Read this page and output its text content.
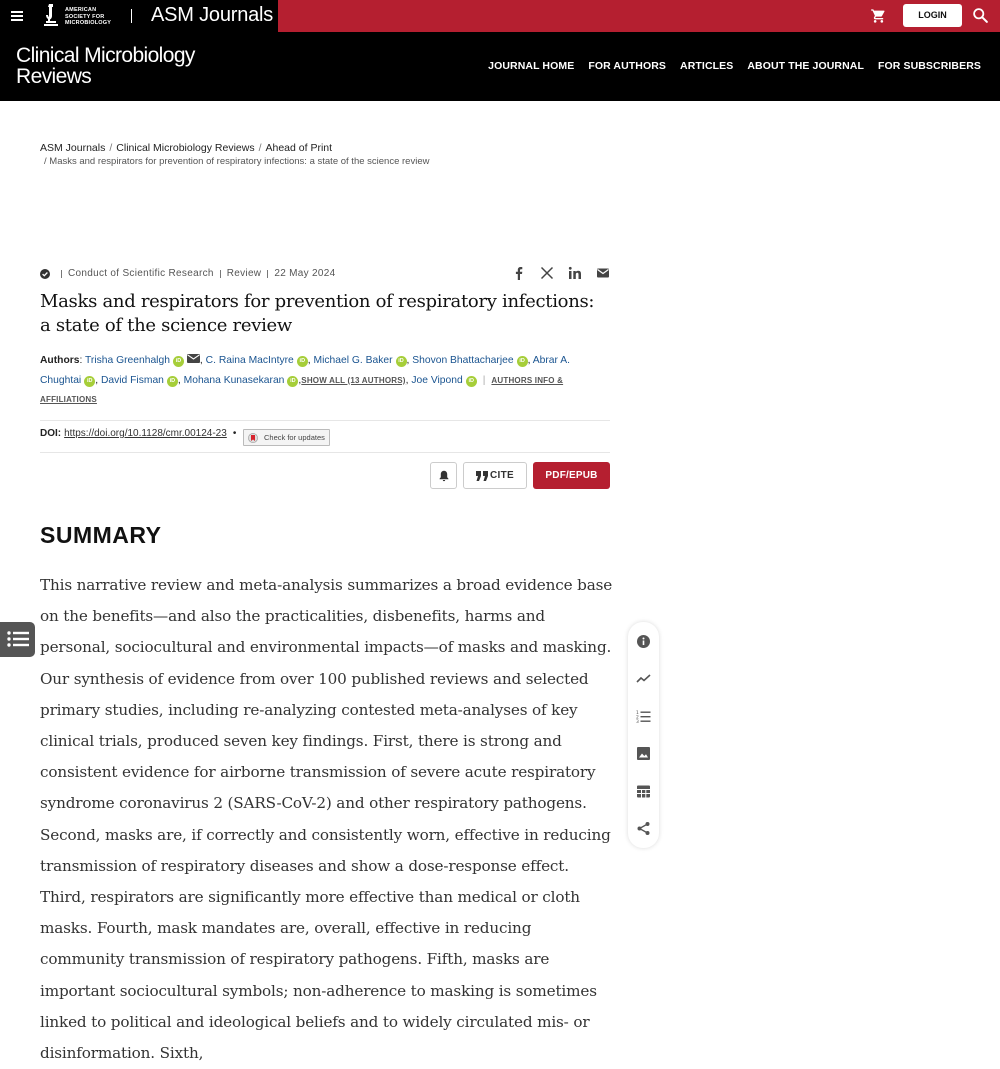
AMERICAN
SOCIETY FOR
MICROBIOLOGY ASM Journals	LOGIN
Clinical Microbiology Reviews	JOURNAL HOME FOR AUTHORS ARTICLES ABOUT THE JOURNAL FOR SUBSCRIBERS
ASM Journals / Clinical Microbiology Reviews / Ahead of Print
/ Masks and respirators for prevention of respiratory infections: a state of the science review
Conduct of Scientific Research Review 22 May 2024
Masks and respirators for prevention of respiratory infections: a state of the science review
Authors: Trisha Greenhalgh iD , C. Raina MacIntyre iD , Michael G. Baker iD , Shovon Bhattacharjee iD , Abrar A. Chughtai iD , David Fisman iD , Mohana Kunasekaran iD ,SHOW ALL (13 AUTHORS), Joe Vipond iD | AUTHORS INFO & AFFILIATIONS
DOI: https://doi.org/10.1128/cmr.00124-23 •	Check for updates
CITE	PDF/EPUB
SUMMARY

This narrative review and meta-analysis summarizes a broad evidence base on the benefits—and also the practicalities, disbenefits, harms and personal, sociocultural and environmental impacts—of masks and masking. Our synthesis of evidence from over 100 published reviews and selected primary studies, including re-analyzing contested meta-analyses of key clinical trials, produced seven key findings. First, there is strong and consistent evidence for airborne transmission of severe acute respiratory syndrome coronavirus 2 (SARS-CoV-2) and other respiratory pathogens. Second, masks are, if correctly and consistently worn, effective in reducing transmission of respiratory diseases and show a dose-response effect. Third, respirators are significantly more effective than medical or cloth masks. Fourth, mask mandates are, overall, effective in reducing community transmission of respiratory pathogens. Fifth, masks are important sociocultural symbols; non-adherence to masking is sometimes linked to political and ideological beliefs and to widely circulated mis- or disinformation. Sixth,

1
2
3
